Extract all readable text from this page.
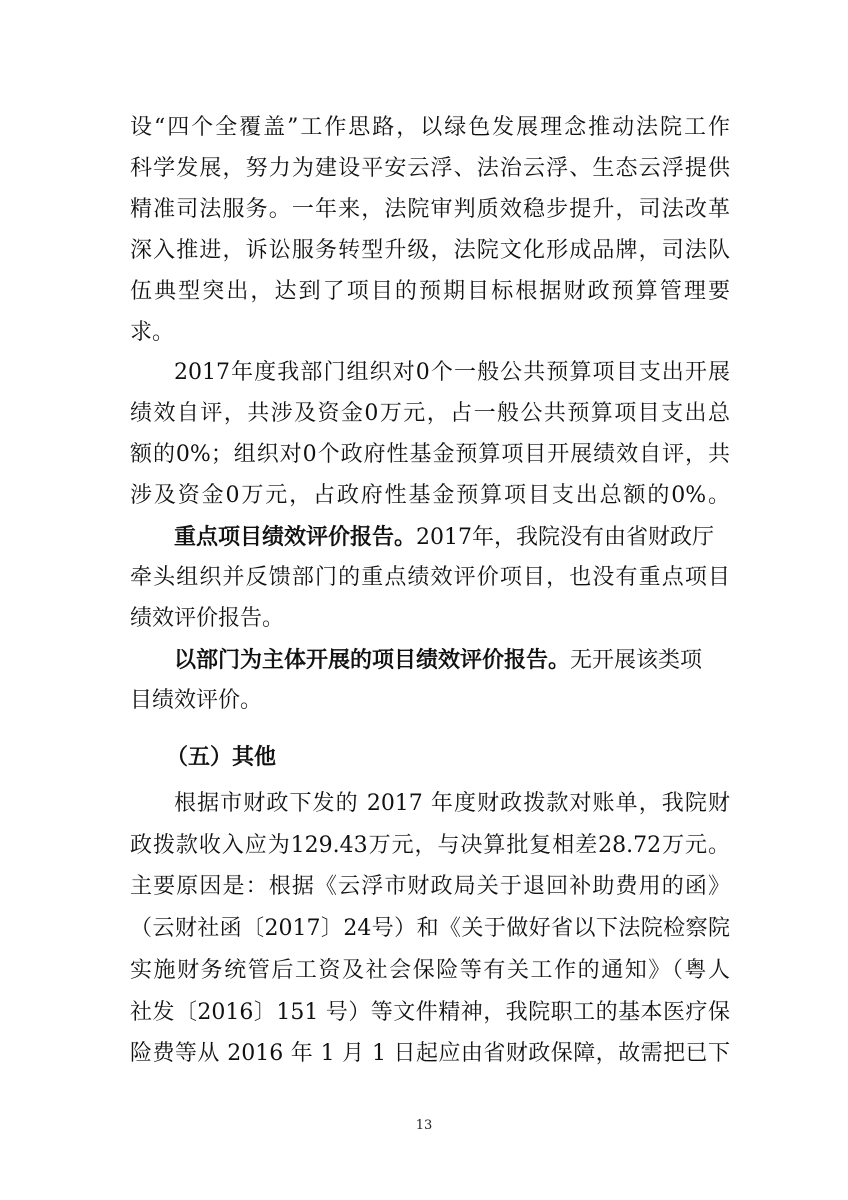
设“四个全覆盖”工作思路，以绿色发展理念推动法院工作
科学发展，努力为建设平安云浮、法治云浮、生态云浮提供
精准司法服务。一年来，法院审判质效稳步提升，司法改革
深入推进，诉讼服务转型升级，法院文化形成品牌，司法队
伍典型突出，达到了项目的预期目标根据财政预算管理要
求。
2017年度我部门组织对0个一般公共预算项目支出开展
绩效自评，共涉及资金0万元，占一般公共预算项目支出总
额的0%；组织对0个政府性基金预算项目开展绩效自评，共
涉及资金0万元，占政府性基金预算项目支出总额的0%。
重点项目绩效评价报告。2017年，我院没有由省财政厅
牵头组织并反馈部门的重点绩效评价项目，也没有重点项目
绩效评价报告。
以部门为主体开展的项目绩效评价报告。无开展该类项
目绩效评价。
（五）其他
根据市财政下发的 2017 年度财政拨款对账单，我院财
政拨款收入应为129.43万元，与决算批复相差28.72万元。
主要原因是：根据《云浮市财政局关于退回补助费用的函》
（云财社函〔2017〕24号）和《关于做好省以下法院检察院
实施财务统管后工资及社会保险等有关工作的通知》（粤人
13
社发〔2016〕151 号）等文件精神，我院职工的基本医疗保
险费等从 2016 年 1 月 1 日起应由省财政保障，故需把已下
